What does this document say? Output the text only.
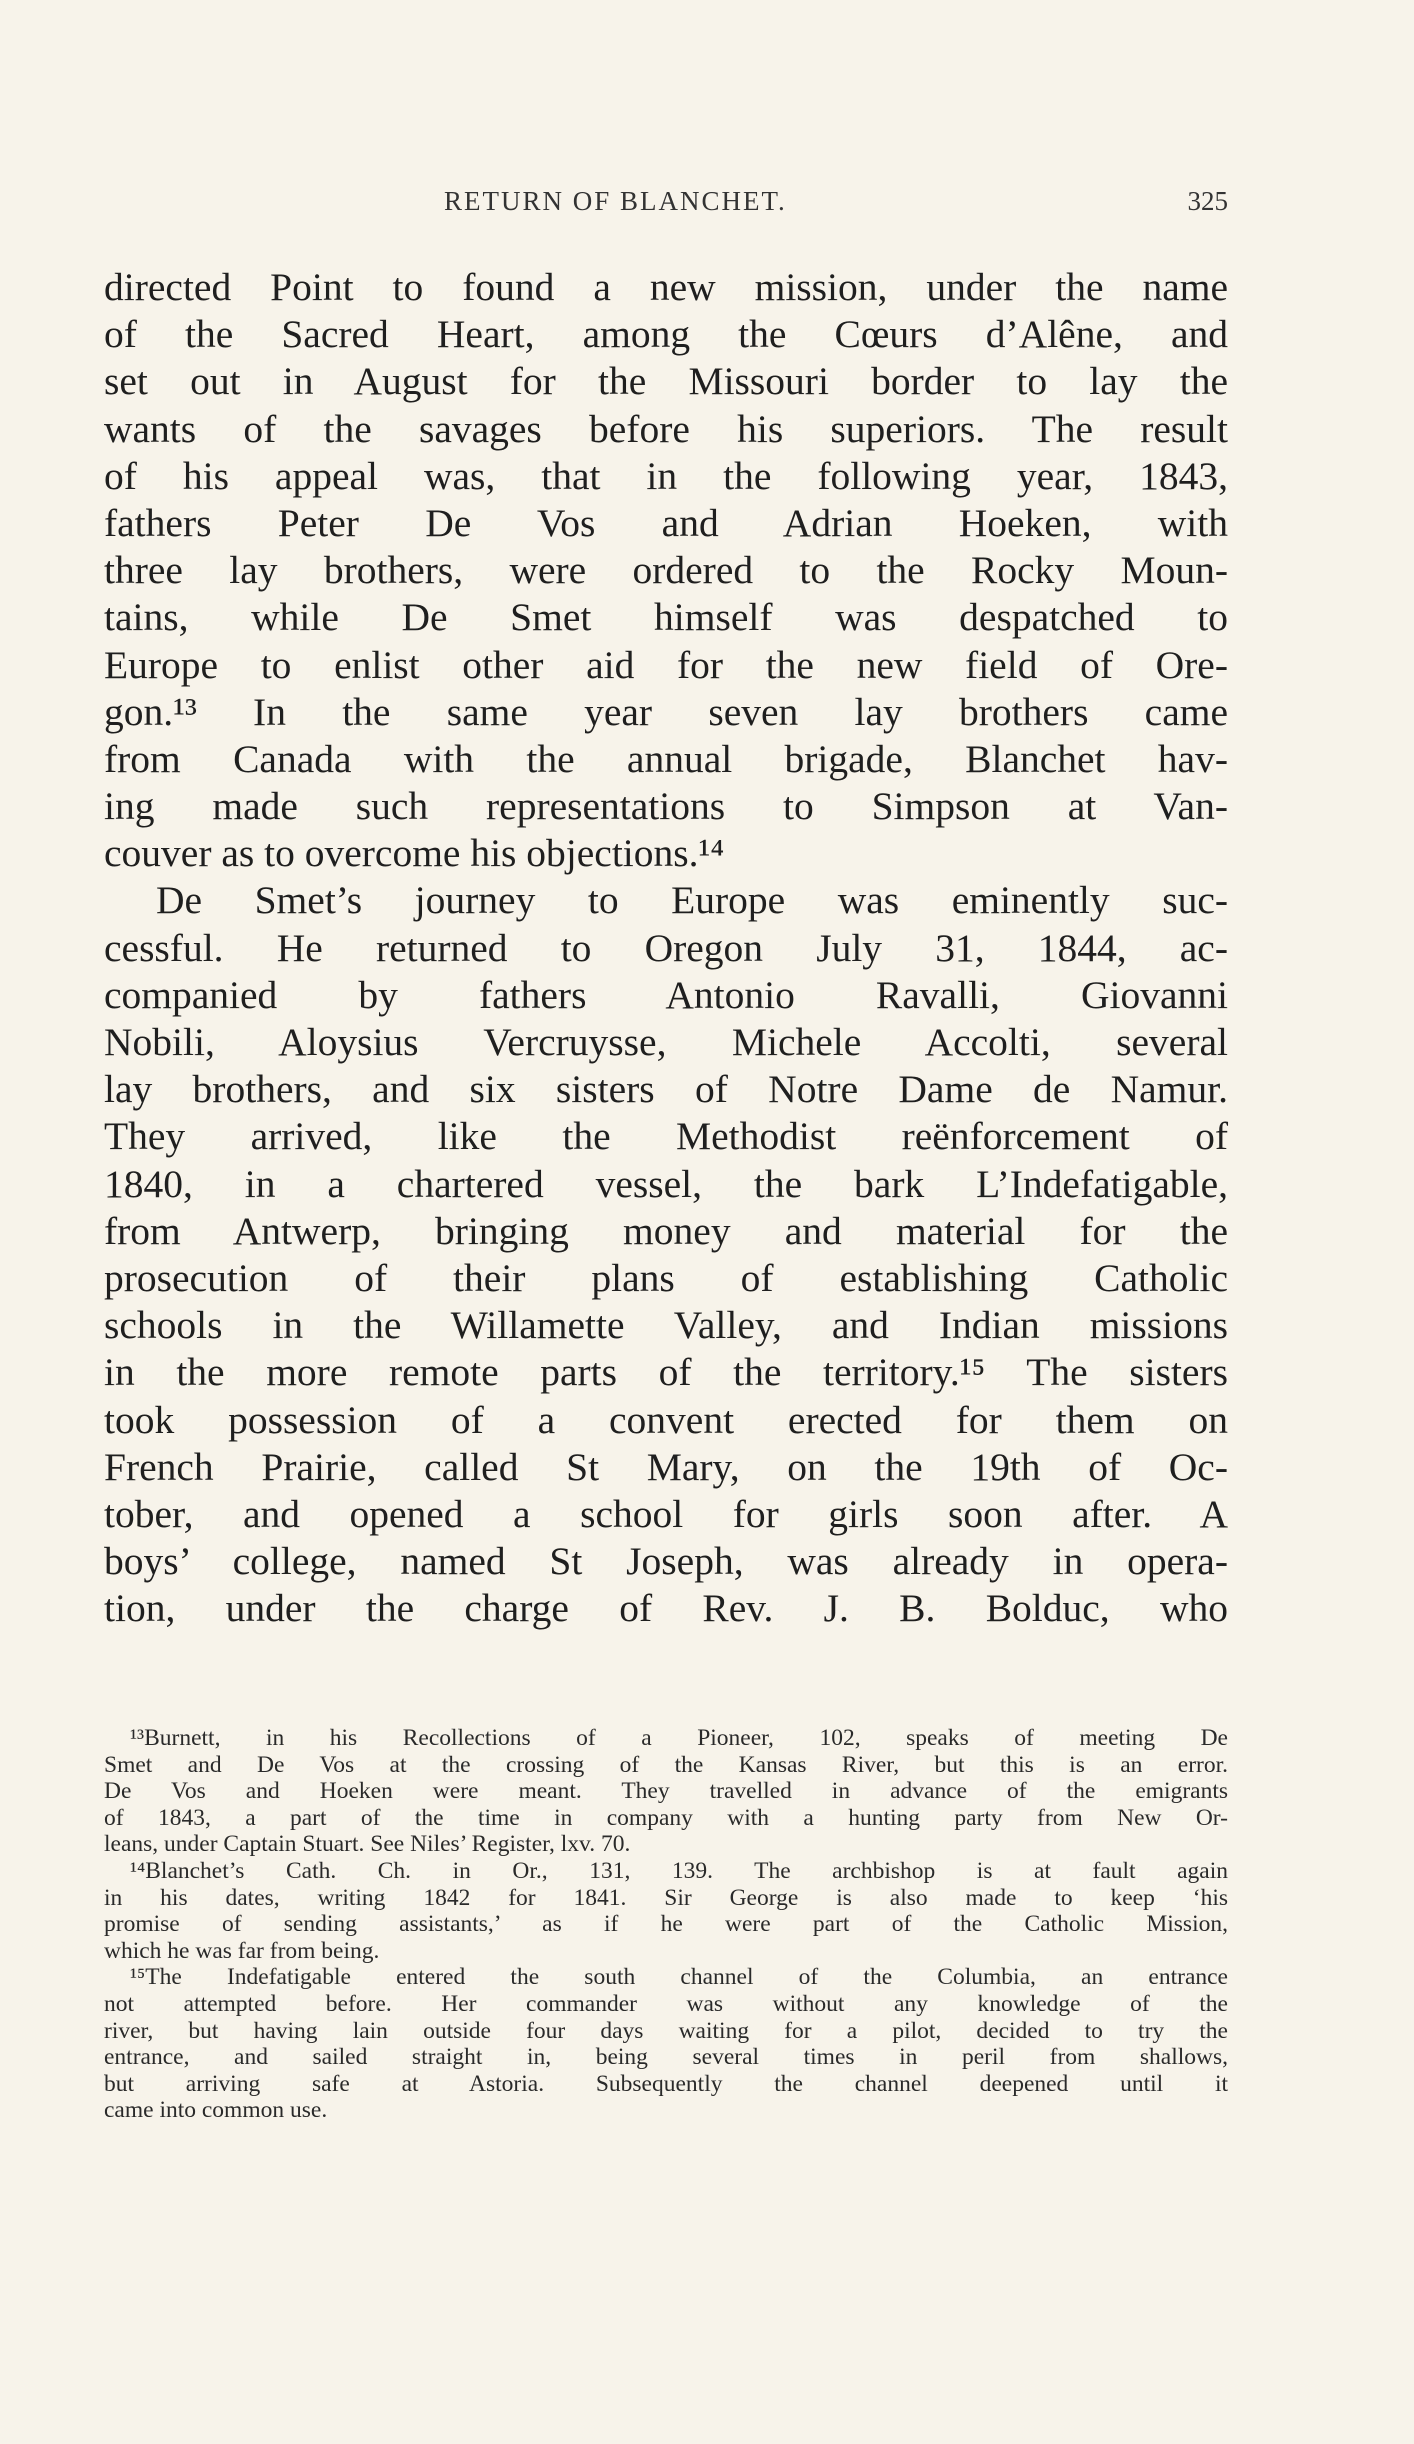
RETURN OF BLANCHET.	325
directed Point to found a new mission, under the name
of the Sacred Heart, among the Cœurs d’Alêne, and
set out in August for the Missouri border to lay the
wants of the savages before his superiors. The result
of his appeal was, that in the following year, 1843,
fathers Peter De Vos and Adrian Hoeken, with
three lay brothers, were ordered to the Rocky Moun-
tains, while De Smet himself was despatched to
Europe to enlist other aid for the new field of Ore-
gon.¹³ In the same year seven lay brothers came
from Canada with the annual brigade, Blanchet hav-
ing made such representations to Simpson at Van-
couver as to overcome his objections.¹⁴
De Smet’s journey to Europe was eminently suc-
cessful. He returned to Oregon July 31, 1844, ac-
companied by fathers Antonio Ravalli, Giovanni
Nobili, Aloysius Vercruysse, Michele Accolti, several
lay brothers, and six sisters of Notre Dame de Namur.
They arrived, like the Methodist reënforcement of
1840, in a chartered vessel, the bark L’Indefatigable,
from Antwerp, bringing money and material for the
prosecution of their plans of establishing Catholic
schools in the Willamette Valley, and Indian missions
in the more remote parts of the territory.¹⁵ The sisters
took possession of a convent erected for them on
French Prairie, called St Mary, on the 19th of Oc-
tober, and opened a school for girls soon after. A
boys’ college, named St Joseph, was already in opera-
tion, under the charge of Rev. J. B. Bolduc, who
¹³Burnett, in his Recollections of a Pioneer, 102, speaks of meeting De
Smet and De Vos at the crossing of the Kansas River, but this is an error.
De Vos and Hoeken were meant. They travelled in advance of the emigrants
of 1843, a part of the time in company with a hunting party from New Or-
leans, under Captain Stuart. See Niles’ Register, lxv. 70.
¹⁴Blanchet’s Cath. Ch. in Or., 131, 139. The archbishop is at fault again
in his dates, writing 1842 for 1841. Sir George is also made to keep ‘his
promise of sending assistants,’ as if he were part of the Catholic Mission,
which he was far from being.
¹⁵The Indefatigable entered the south channel of the Columbia, an entrance
not attempted before. Her commander was without any knowledge of the
river, but having lain outside four days waiting for a pilot, decided to try the
entrance, and sailed straight in, being several times in peril from shallows,
but arriving safe at Astoria. Subsequently the channel deepened until it
came into common use.
